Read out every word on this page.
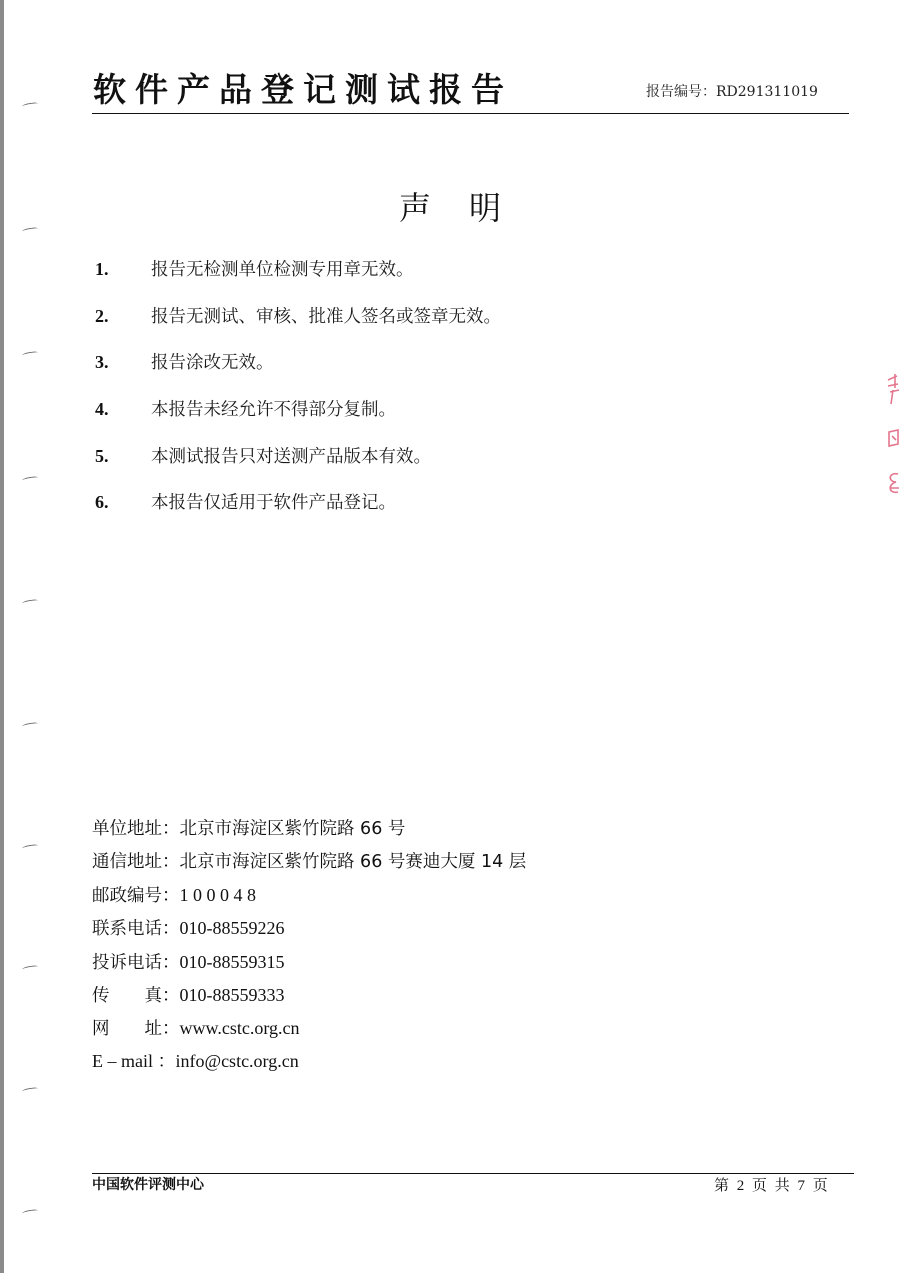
软件产品登记测试报告	报告编号：RD291311019
声明
1. 报告无检测单位检测专用章无效。
2. 报告无测试、审核、批准人签名或签章无效。
3. 报告涂改无效。
4. 本报告未经允许不得部分复制。
5. 本测试报告只对送测产品版本有效。
6. 本报告仅适用于软件产品登记。
单位地址：北京市海淀区紫竹院路 66 号
通信地址：北京市海淀区紫竹院路 66 号赛迪大厦 14 层
邮政编号：1 0 0 0 4 8
联系电话：010-88559226
投诉电话：010-88559315
传　　真：010-88559333
网　　址：www.cstc.org.cn
E – mail ：info@cstc.org.cn
中国软件评测中心	第 2 页 共 7 页
